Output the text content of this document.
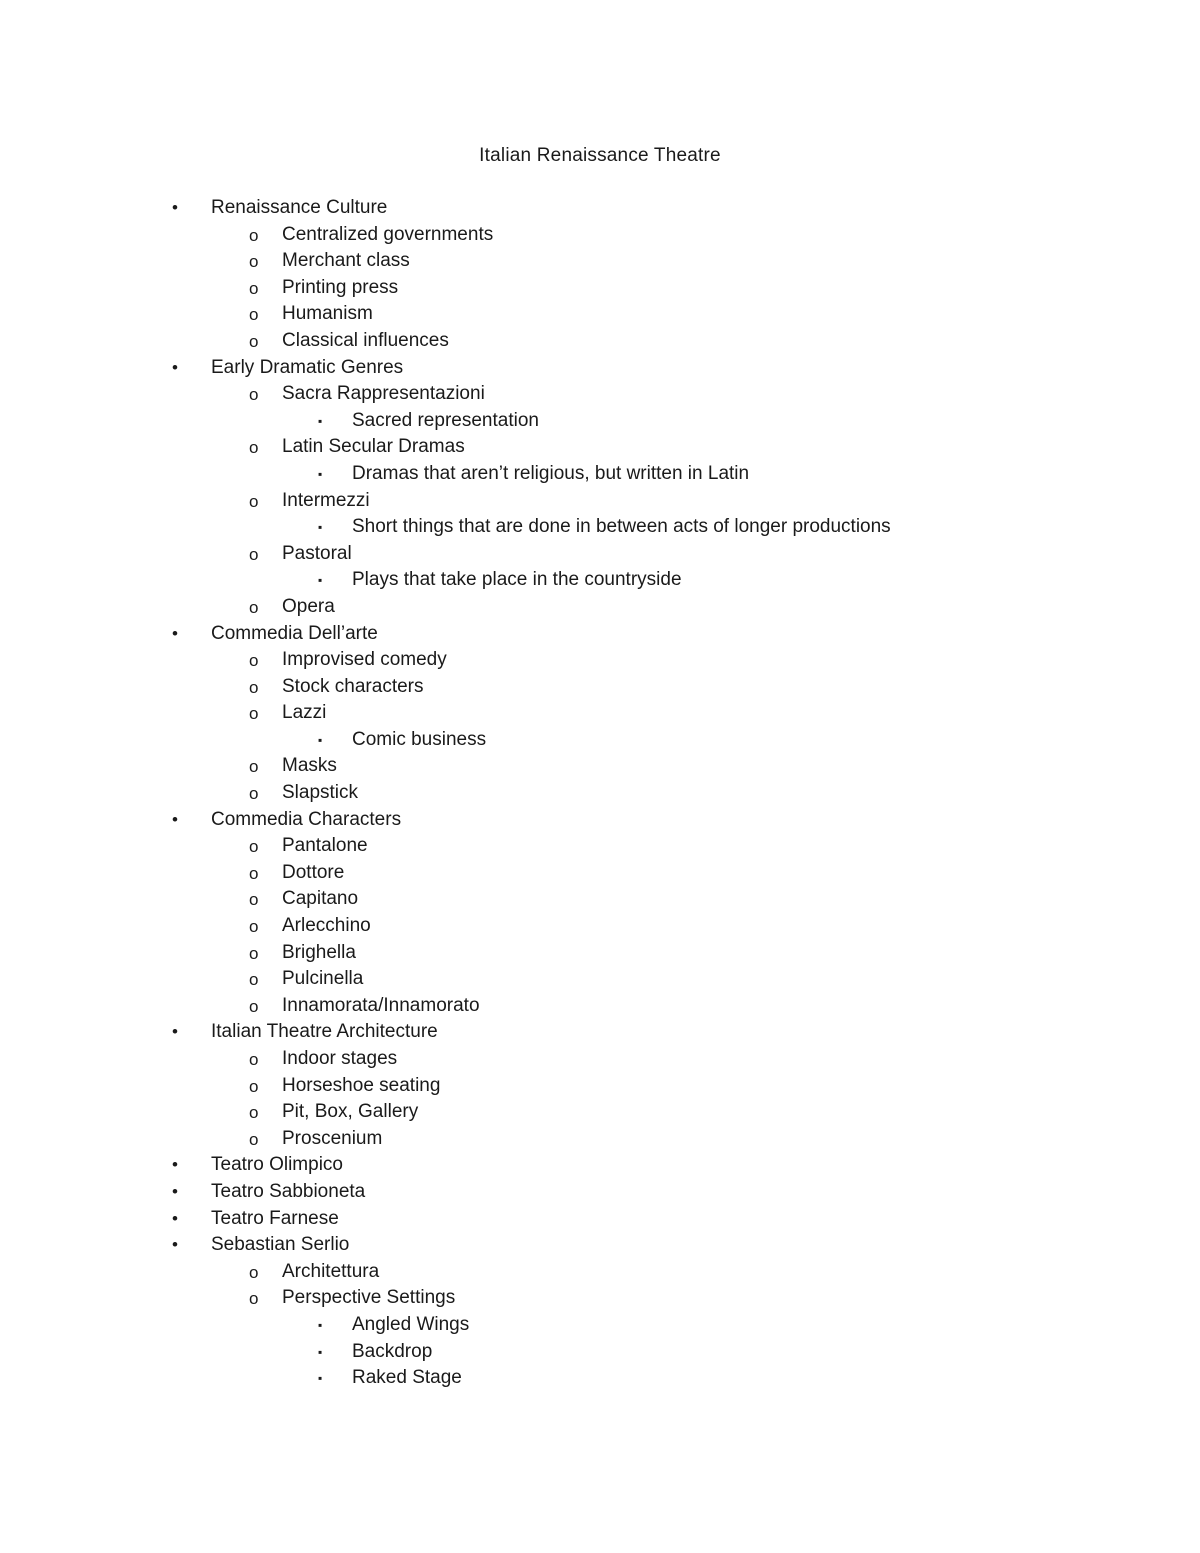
Italian Renaissance Theatre
• Renaissance Culture
o Centralized governments
o Merchant class
o Printing press
o Humanism
o Classical influences
• Early Dramatic Genres
o Sacra Rappresentazioni
▪ Sacred representation
o Latin Secular Dramas
▪ Dramas that aren’t religious, but written in Latin
o Intermezzi
▪ Short things that are done in between acts of longer productions
o Pastoral
▪ Plays that take place in the countryside
o Opera
• Commedia Dell’arte
o Improvised comedy
o Stock characters
o Lazzi
▪ Comic business
o Masks
o Slapstick
• Commedia Characters
o Pantalone
o Dottore
o Capitano
o Arlecchino
o Brighella
o Pulcinella
o Innamorata/Innamorato
• Italian Theatre Architecture
o Indoor stages
o Horseshoe seating
o Pit, Box, Gallery
o Proscenium
• Teatro Olimpico
• Teatro Sabbioneta
• Teatro Farnese
• Sebastian Serlio
o Architettura
o Perspective Settings
▪ Angled Wings
▪ Backdrop
▪ Raked Stage
